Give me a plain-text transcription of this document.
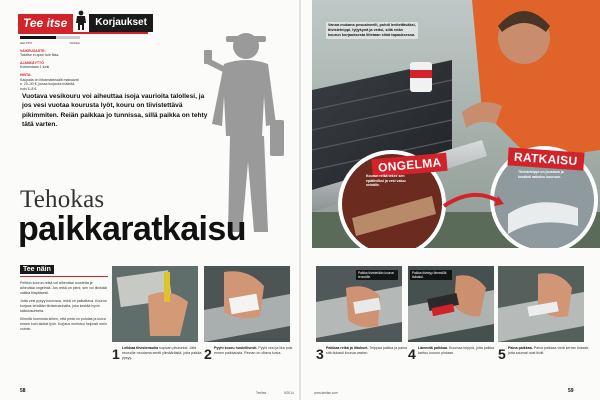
Tee itse	Korjaukset
HELPPO	VAIKEA

VAIKEUSASTE:
Taloitse ei apuri tule tilaa.

AJANKÄYTTÖ
Korkeintaan 1 tunti

HINTA:
Kaupalla on liitosmateriaalit maksavat n. 20–40 €, joissa korjauks määrää. noin 5–8 €.

Vuotava vesikouru voi aiheuttaa isoja vaurioita talollesi, ja jos vesi vuotaa kourusta lyöt, kouru on tiivistettävä pikimmiten. Reiän paikkaa jo tunnissa, sillä paikka on tehty tätä varten.
Tehokas
paikkaratkaisu
Tee näin

Peltikin kourun reikä voi aiheuttaa ruostetta ja aiheuttaa ongelmia. Jos reikä on pieni, sen voi tiivistää vaikka tilapäisesti.

Jotta vesi pysyy kourussa, reikä on paikattava. Kourun korjaus tehdään tiivistenauhalla, joka kestää hyvin sääolosuhteita.

Kiinnitä huomiota siihen, että pinta on puhdas ja kuiva ennen kuin aloitat työn. Korjaus onnistuu helposti omin voimin.

Vanna mukana pesuaineelli, pohdi levitettäväksi, tiivisteteippi, lyijykynä ja veitsi, sillä reiän kourun korjauksesta liitetaan siinä tapauksessa.
ONGELMA	RATKAISU
Kourun reikä tekee sen epätiiviiksi ja vesi valuu seinälle.
Tiivisteteippi on joustava ja kestävä ratkaisu kouruun.
1 Leikkaa tiivistenauha sopivan pituiseksi. Jätä reunoille muutama sentti ylimääräistä, jotta paikka pysyy.	2 Pyyhi kouru huolellisesti. Pyyhi vesi ja lika pois ennen paikkausta. Pinnan on oltava kuiva.
Paikka tiivistetään kourun reunoille.
3 Paikkaa reikä ja liitokset. Teippaa paikka ja paina sitä tiukasti kourua vasten.
Paikka tiivistyy lämmöllä tiukaksi.
4 Lämmitä paikkaa. Kuumaa teippiä, jotta paikka tarttuu kourun pintaan.	5 Paina paikkaa. Paina paikkaa vielä kerran tiukasti, jotta saumat ovat tiiviit.
58	TeeItse	9/2014	www.teeitse.com	59
